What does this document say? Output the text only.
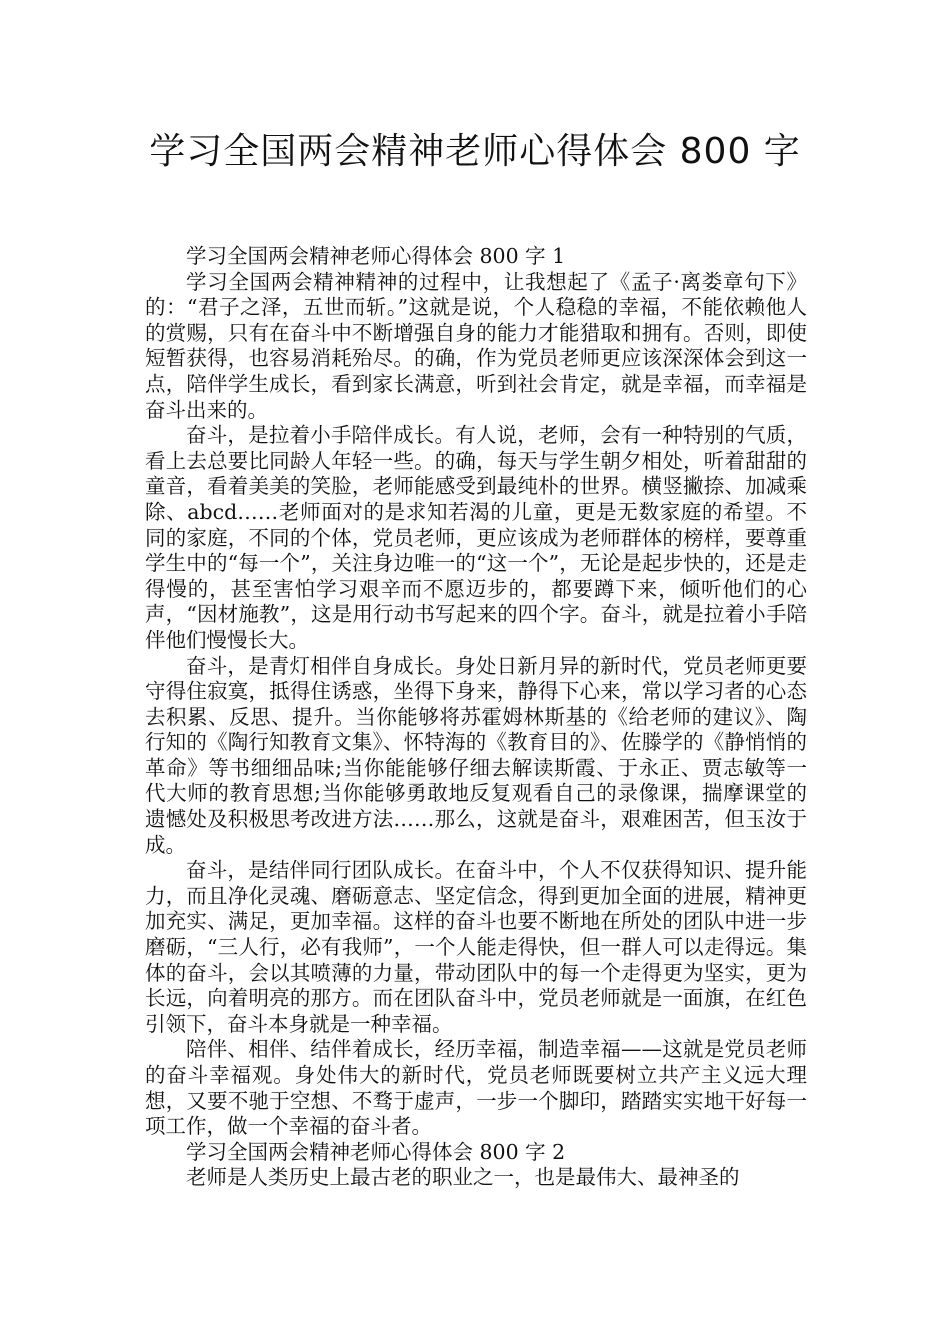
学习全国两会精神老师心得体会 800 字

学习全国两会精神老师心得体会 800 字 1

学习全国两会精神精神的过程中，让我想起了《孟子·离娄章句下》的：“君子之泽，五世而斩。”这就是说，个人稳稳的幸福，不能依赖他人的赏赐，只有在奋斗中不断增强自身的能力才能猎取和拥有。否则，即使短暂获得，也容易消耗殆尽。的确，作为党员老师更应该深深体会到这一点，陪伴学生成长，看到家长满意，听到社会肯定，就是幸福，而幸福是奋斗出来的。

奋斗，是拉着小手陪伴成长。有人说，老师，会有一种特别的气质，看上去总要比同龄人年轻一些。的确，每天与学生朝夕相处，听着甜甜的童音，看着美美的笑脸，老师能感受到最纯朴的世界。横竖撇捺、加减乘除、abcd……老师面对的是求知若渴的儿童，更是无数家庭的希望。不同的家庭，不同的个体，党员老师，更应该成为老师群体的榜样，要尊重学生中的“每一个”，关注身边唯一的“这一个”，无论是起步快的，还是走得慢的，甚至害怕学习艰辛而不愿迈步的，都要蹲下来，倾听他们的心声，“因材施教”，这是用行动书写起来的四个字。奋斗，就是拉着小手陪伴他们慢慢长大。

奋斗，是青灯相伴自身成长。身处日新月异的新时代，党员老师更要守得住寂寞，抵得住诱惑，坐得下身来，静得下心来，常以学习者的心态去积累、反思、提升。当你能够将苏霍姆林斯基的《给老师的建议》、陶行知的《陶行知教育文集》、怀特海的《教育目的》、佐滕学的《静悄悄的革命》等书细细品味;当你能能够仔细去解读斯霞、于永正、贾志敏等一代大师的教育思想;当你能够勇敢地反复观看自己的录像课，揣摩课堂的遗憾处及积极思考改进方法……那么，这就是奋斗，艰难困苦，但玉汝于成。

奋斗，是结伴同行团队成长。在奋斗中，个人不仅获得知识、提升能力，而且净化灵魂、磨砺意志、坚定信念，得到更加全面的进展，精神更加充实、满足，更加幸福。这样的奋斗也要不断地在所处的团队中进一步磨砺，“三人行，必有我师”，一个人能走得快，但一群人可以走得远。集体的奋斗，会以其喷薄的力量，带动团队中的每一个走得更为坚实，更为长远，向着明亮的那方。而在团队奋斗中，党员老师就是一面旗，在红色引领下，奋斗本身就是一种幸福。

陪伴、相伴、结伴着成长，经历幸福，制造幸福——这就是党员老师的奋斗幸福观。身处伟大的新时代，党员老师既要树立共产主义远大理想，又要不驰于空想、不骛于虚声，一步一个脚印，踏踏实实地干好每一项工作，做一个幸福的奋斗者。

学习全国两会精神老师心得体会 800 字 2

老师是人类历史上最古老的职业之一，也是最伟大、最神圣的
